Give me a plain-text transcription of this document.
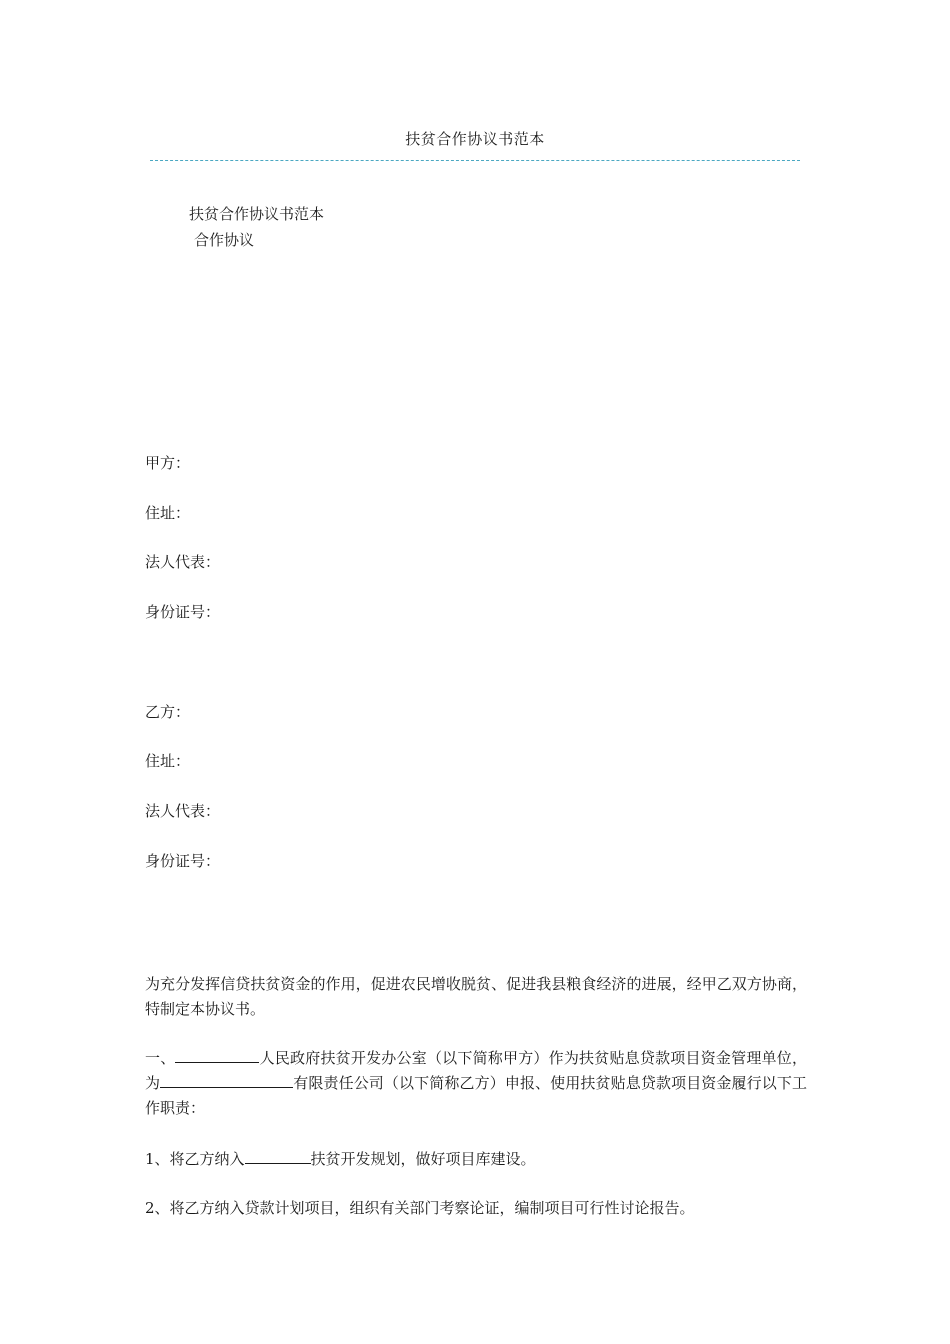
扶贫合作协议书范本
扶贫合作协议书范本
合作协议
甲方：
住址：
法人代表：
身份证号：
乙方：
住址：
法人代表：
身份证号：
为充分发挥信贷扶贫资金的作用，促进农民增收脱贫、促进我县粮食经济的进展，经甲乙双方协商，特制定本协议书。
一、	人民政府扶贫开发办公室（以下简称甲方）作为扶贫贴息贷款项目资金管理单位，为	有限责任公司（以下简称乙方）申报、使用扶贫贴息贷款项目资金履行以下工作职责：
1、将乙方纳入	扶贫开发规划，做好项目库建设。
2、将乙方纳入贷款计划项目，组织有关部门考察论证，编制项目可行性讨论报告。
